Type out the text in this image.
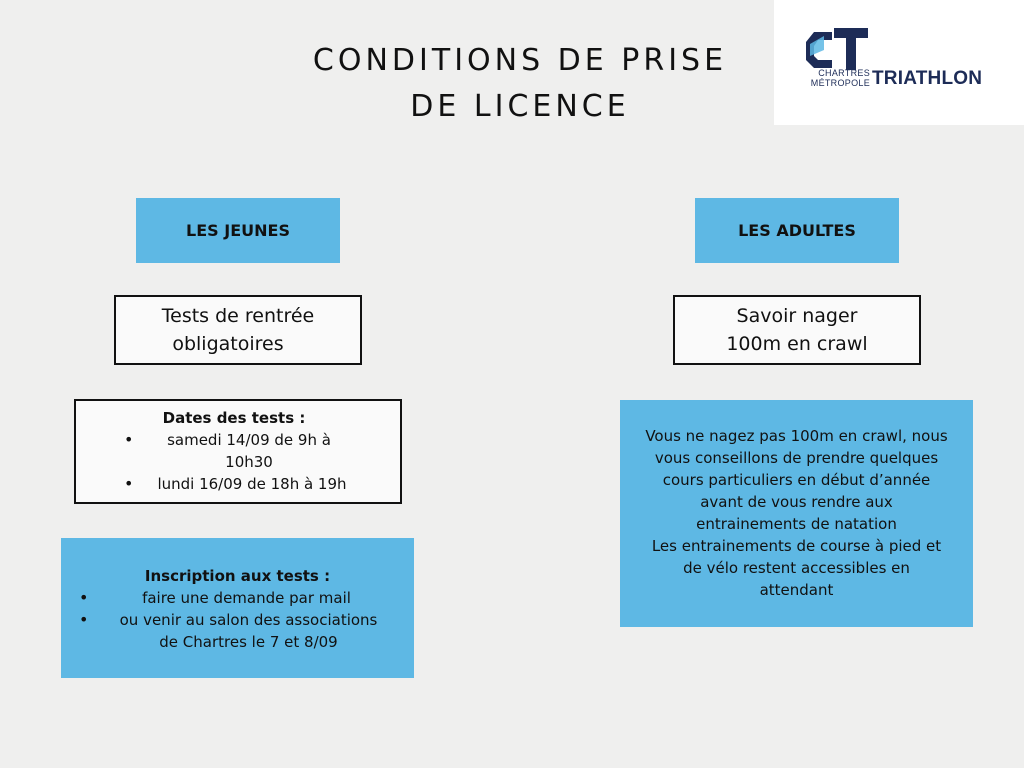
CONDITIONS DE PRISE
DE LICENCE
CHARTRES
MÉTROPOLE TRIATHLON
LES JEUNES
Tests de rentrée
obligatoires
Dates des tests :
•	samedi 14/09 de 9h à
10h30
•	lundi 16/09 de 18h à 19h
Inscription aux tests :
•	faire une demande par mail
•	ou venir au salon des associations
de Chartres le 7 et 8/09
LES ADULTES
Savoir nager
100m en crawl
Vous ne nagez pas 100m en crawl, nous
vous conseillons de prendre quelques
cours particuliers en début d’année
avant de vous rendre aux
entrainements de natation
Les entrainements de course à pied et
de vélo restent accessibles en
attendant
